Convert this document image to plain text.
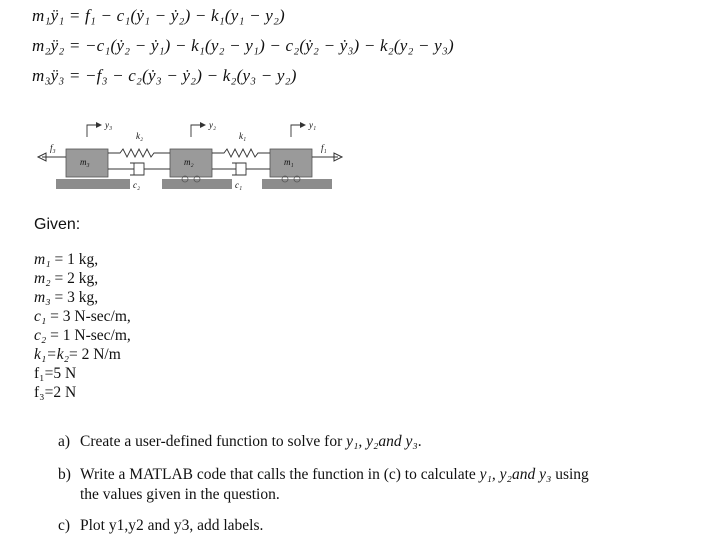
m₁ÿ₁ = f₁ − c₁(ẏ₁ − ẏ₂) − k₁(y₁ − y₂)
m₂ÿ₂ = −c₁(ẏ₂ − ẏ₁) − k₁(y₂ − y₁) − c₂(ẏ₂ − ẏ₃) − k₂(y₂ − y₃)
m₃ÿ₃ = −f₃ − c₂(ẏ₃ − ẏ₂) − k₂(y₃ − y₂)
f₃
y₃
m₃
k₂
c₂
y₂
m₂
k₁
c₁
y₁
m₁
f₁
Given:
m₁ = 1 kg,
m₂ = 2 kg,
m₃ = 3 kg,
c₁ = 3 N-sec/m,
c₂ = 1 N-sec/m,
k₁=k₂= 2 N/m
f₁=5 N
f₃=2 N
a) Create a user-defined function to solve for y₁, y₂and y₃.
b) Write a MATLAB code that calls the function in (c) to calculate y₁, y₂and y₃ using
the values given in the question.
c) Plot y1,y2 and y3, add labels.
